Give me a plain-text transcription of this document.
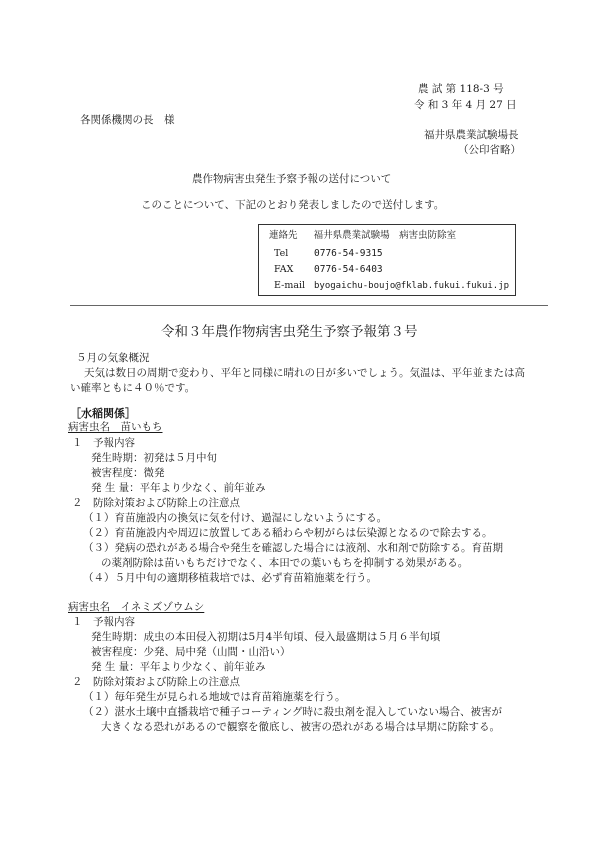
農 試 第 118-3 号
令 和 3 年 4 月 27 日
各関係機関の長　様
福井県農業試験場長
（公印省略）
農作物病害虫発生予察予報の送付について
このことについて、下記のとおり発表しましたので送付します。
連絡先 福井県農業試験場　病害虫防除室
Tel	0776-54-9315
FAX 0776-54-6403
E-mail byogaichu-boujo@fklab.fukui.fukui.jp
令和３年農作物病害虫発生予察予報第３号
５月の気象概況
天気は数日の周期で変わり、平年と同様に晴れの日が多いでしょう。気温は、平年並または高
い確率ともに４０％です。
［水稲関係］
病害虫名　苗いもち
１　予報内容
発生時期：初発は５月中旬
被害程度：微発
発 生 量：平年より少なく、前年並み
２　防除対策および防除上の注意点
（１）育苗施設内の換気に気を付け、過湿にしないようにする。
（２）育苗施設内や周辺に放置してある稲わらや籾がらは伝染源となるので除去する。
（３）発病の恐れがある場合や発生を確認した場合には液剤、水和剤で防除する。育苗期
の薬剤防除は苗いもちだけでなく、本田での葉いもちを抑制する効果がある。
（４）５月中旬の適期移植栽培では、必ず育苗箱施薬を行う。
病害虫名　イネミズゾウムシ
１　予報内容
発生時期：成虫の本田侵入初期は5月4半旬頃、侵入最盛期は５月６半旬頃
被害程度：少発、局中発（山間・山沿い）
発 生 量：平年より少なく、前年並み
２　防除対策および防除上の注意点
（１）毎年発生が見られる地域では育苗箱施薬を行う。
（２）湛水土壌中直播栽培で種子コーティング時に殺虫剤を混入していない場合、被害が
大きくなる恐れがあるので観察を徹底し、被害の恐れがある場合は早期に防除する。
